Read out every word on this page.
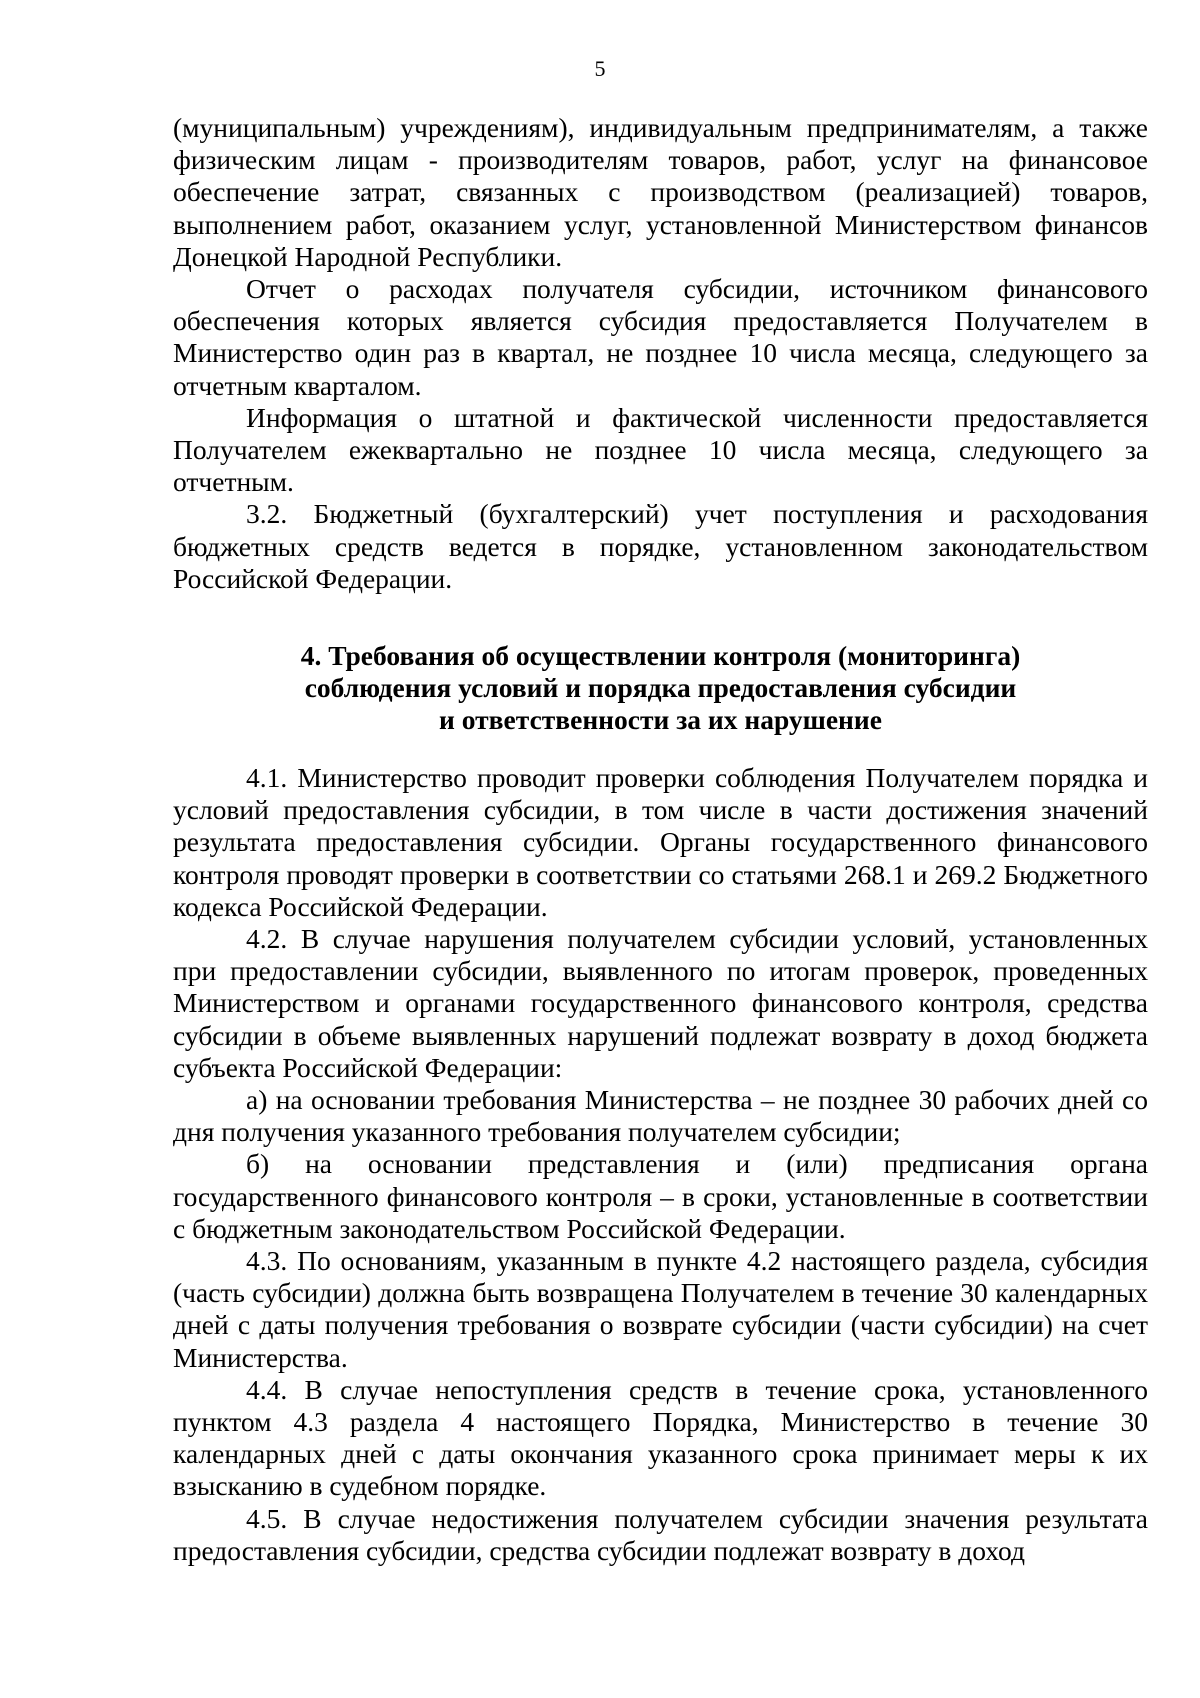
5

(муниципальным) учреждениям), индивидуальным предпринимателям, а также физическим лицам - производителям товаров, работ, услуг на финансовое обеспечение затрат, связанных с производством (реализацией) товаров, выполнением работ, оказанием услуг, установленной Министерством финансов Донецкой Народной Республики.

Отчет о расходах получателя субсидии, источником финансового обеспечения которых является субсидия предоставляется Получателем в Министерство один раз в квартал, не позднее 10 числа месяца, следующего за отчетным кварталом.

Информация о штатной и фактической численности предоставляется Получателем ежеквартально не позднее 10 числа месяца, следующего за отчетным.

3.2. Бюджетный (бухгалтерский) учет поступления и расходования бюджетных средств ведется в порядке, установленном законодательством Российской Федерации.

4. Требования об осуществлении контроля (мониторинга)
соблюдения условий и порядка предоставления субсидии
и ответственности за их нарушение

4.1. Министерство проводит проверки соблюдения Получателем порядка и условий предоставления субсидии, в том числе в части достижения значений результата предоставления субсидии. Органы государственного финансового контроля проводят проверки в соответствии со статьями 268.1 и 269.2 Бюджетного кодекса Российской Федерации.

4.2. В случае нарушения получателем субсидии условий, установленных при предоставлении субсидии, выявленного по итогам проверок, проведенных Министерством и органами государственного финансового контроля, средства субсидии в объеме выявленных нарушений подлежат возврату в доход бюджета субъекта Российской Федерации:

а) на основании требования Министерства – не позднее 30 рабочих дней со дня получения указанного требования получателем субсидии;

б) на основании представления и (или) предписания органа государственного финансового контроля – в сроки, установленные в соответствии с бюджетным законодательством Российской Федерации.

4.3. По основаниям, указанным в пункте 4.2 настоящего раздела, субсидия (часть субсидии) должна быть возвращена Получателем в течение 30 календарных дней с даты получения требования о возврате субсидии (части субсидии) на счет Министерства.

4.4. В случае непоступления средств в течение срока, установленного пунктом 4.3 раздела 4 настоящего Порядка, Министерство в течение 30 календарных дней с даты окончания указанного срока принимает меры к их взысканию в судебном порядке.

4.5. В случае недостижения получателем субсидии значения результата предоставления субсидии, средства субсидии подлежат возврату в доход
